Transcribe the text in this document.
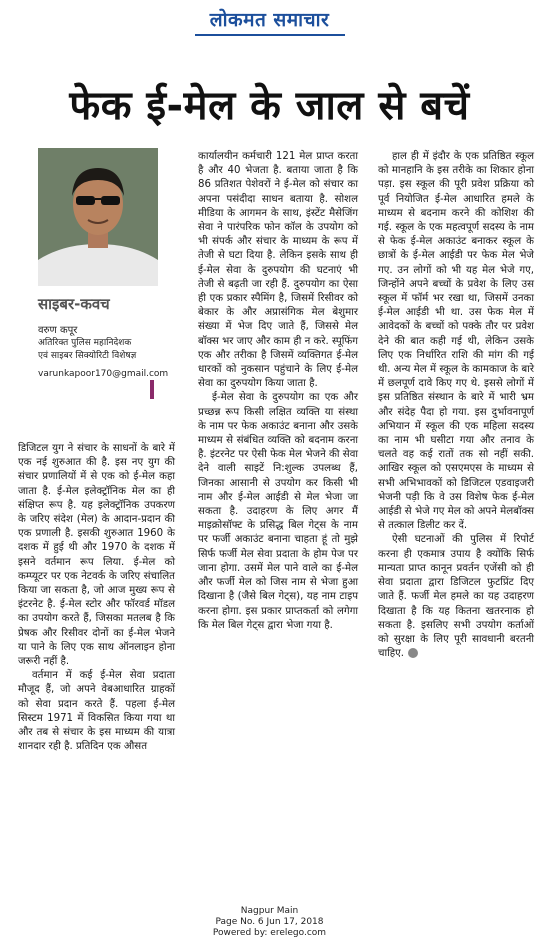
लोकमत समाचार
फेक ई-मेल के जाल से बचें
साइबर-कवच
वरुण कपूर
अतिरिक्त पुलिस महानिदेशक
एवं साइबर सिक्योरिटी विशेषज्ञ
varunkapoor170@gmail.com

डिजिटल युग ने संचार के साधनों के बारे में एक नई शुरुआत की है. इस नए युग की संचार प्रणालियों में से एक को ई-मेल कहा जाता है. ई-मेल इलेक्ट्रॉनिक मेल का ही संक्षिप्त रूप है. यह इलेक्ट्रॉनिक उपकरण के जरिए संदेश (मेल) के आदान-प्रदान की एक प्रणाली है. इसकी शुरुआत 1960 के दशक में हुई थी और 1970 के दशक में इसने वर्तमान रूप लिया. ई-मेल को कम्प्यूटर पर एक नेटवर्क के जरिए संचालित किया जा सकता है, जो आज मुख्य रूप से इंटरनेट है. ई-मेल स्टोर और फॉरवर्ड मॉडल का उपयोग करते हैं, जिसका मतलब है कि प्रेषक और रिसीवर दोनों का ई-मेल भेजने या पाने के लिए एक साथ ऑनलाइन होना जरूरी नहीं है.

वर्तमान में कई ई-मेल सेवा प्रदाता मौजूद हैं, जो अपने वेबआधारित ग्राहकों को सेवा प्रदान करते हैं. पहला ई-मेल सिस्टम 1971 में विकसित किया गया था और तब से संचार के इस माध्यम की यात्रा शानदार रही है. प्रतिदिन एक औसत

कार्यालयीन कर्मचारी 121 मेल प्राप्त करता है और 40 भेजता है. बताया जाता है कि 86 प्रतिशत पेशेवरों ने ई-मेल को संचार का अपना पसंदीदा साधन बताया है. सोशल मीडिया के आगमन के साथ, इंस्टेंट मैसेजिंग सेवा ने पारंपरिक फोन कॉल के उपयोग को भी संपर्क और संचार के माध्यम के रूप में तेजी से घटा दिया है. लेकिन इसके साथ ही ई-मेल सेवा के दुरुपयोग की घटनाएं भी तेजी से बढ़ती जा रही हैं. दुरुपयोग का ऐसा ही एक प्रकार स्पैमिंग है, जिसमें रिसीवर को बेकार के और अप्रासंगिक मेल बेशुमार संख्या में भेज दिए जाते हैं, जिससे मेल बॉक्स भर जाए और काम ही न करे. स्पूफिंग एक और तरीका है जिसमें व्यक्तिगत ई-मेल धारकों को नुकसान पहुंचाने के लिए ई-मेल सेवा का दुरुपयोग किया जाता है.

ई-मेल सेवा के दुरुपयोग का एक और प्रच्छन्न रूप किसी लक्षित व्यक्ति या संस्था के नाम पर फेक अकाउंट बनाना और उसके माध्यम से संबंधित व्यक्ति को बदनाम करना है. इंटरनेट पर ऐसी फेक मेल भेजने की सेवा देने वाली साइटें नि:शुल्क उपलब्ध हैं, जिनका आसानी से उपयोग कर किसी भी नाम और ई-मेल आईडी से मेल भेजा जा सकता है. उदाहरण के लिए अगर मैं माइक्रोसॉफ्ट के प्रसिद्ध बिल गेट्स के नाम पर फर्जी अकाउंट बनाना चाहता हूं तो मुझे सिर्फ फर्जी मेल सेवा प्रदाता के होम पेज पर जाना होगा. उसमें मेल पाने वाले का ई-मेल और फर्जी मेल को जिस नाम से भेजा हुआ दिखाना है (जैसे बिल गेट्स), यह नाम टाइप करना होगा. इस प्रकार प्राप्तकर्ता को लगेगा कि मेल बिल गेट्स द्वारा भेजा गया है.

हाल ही में इंदौर के एक प्रतिष्ठित स्कूल को मानहानि के इस तरीके का शिकार होना पड़ा. इस स्कूल की पूरी प्रवेश प्रक्रिया को पूर्व नियोजित ई-मेल आधारित हमले के माध्यम से बदनाम करने की कोशिश की गई. स्कूल के एक महत्वपूर्ण सदस्य के नाम से फेक ई-मेल अकाउंट बनाकर स्कूल के छात्रों के ई-मेल आईडी पर फेक मेल भेजे गए. उन लोगों को भी यह मेल भेजे गए, जिन्होंने अपने बच्चों के प्रवेश के लिए उस स्कूल में फॉर्म भर रखा था, जिसमें उनका ई-मेल आईडी भी था. उस फेक मेल में आवेदकों के बच्चों को पक्के तौर पर प्रवेश देने की बात कही गई थी, लेकिन उसके लिए एक निर्धारित राशि की मांग की गई थी. अन्य मेल में स्कूल के कामकाज के बारे में छलपूर्ण दावे किए गए थे. इससे लोगों में इस प्रतिष्ठित संस्थान के बारे में भारी भ्रम और संदेह पैदा हो गया. इस दुर्भावनापूर्ण अभियान में स्कूल की एक महिला सदस्य का नाम भी घसीटा गया और तनाव के चलते वह कई रातों तक सो नहीं सकी. आखिर स्कूल को एसएमएस के माध्यम से सभी अभिभावकों को डिजिटल एडवाइजरी भेजनी पड़ी कि वे उस विशेष फेक ई-मेल आईडी से भेजे गए मेल को अपने मेलबॉक्स से तत्काल डिलीट कर दें.

ऐसी घटनाओं की पुलिस में रिपोर्ट करना ही एकमात्र उपाय है क्योंकि सिर्फ मान्यता प्राप्त कानून प्रवर्तन एजेंसी को ही सेवा प्रदाता द्वारा डिजिटल फुटप्रिंट दिए जाते हैं. फर्जी मेल हमले का यह उदाहरण दिखाता है कि यह कितना खतरनाक हो सकता है. इसलिए सभी उपयोग कर्ताओं को सुरक्षा के लिए पूरी सावधानी बरतनी चाहिए.

Nagpur Main
Page No. 6 Jun 17, 2018
Powered by: erelego.com
